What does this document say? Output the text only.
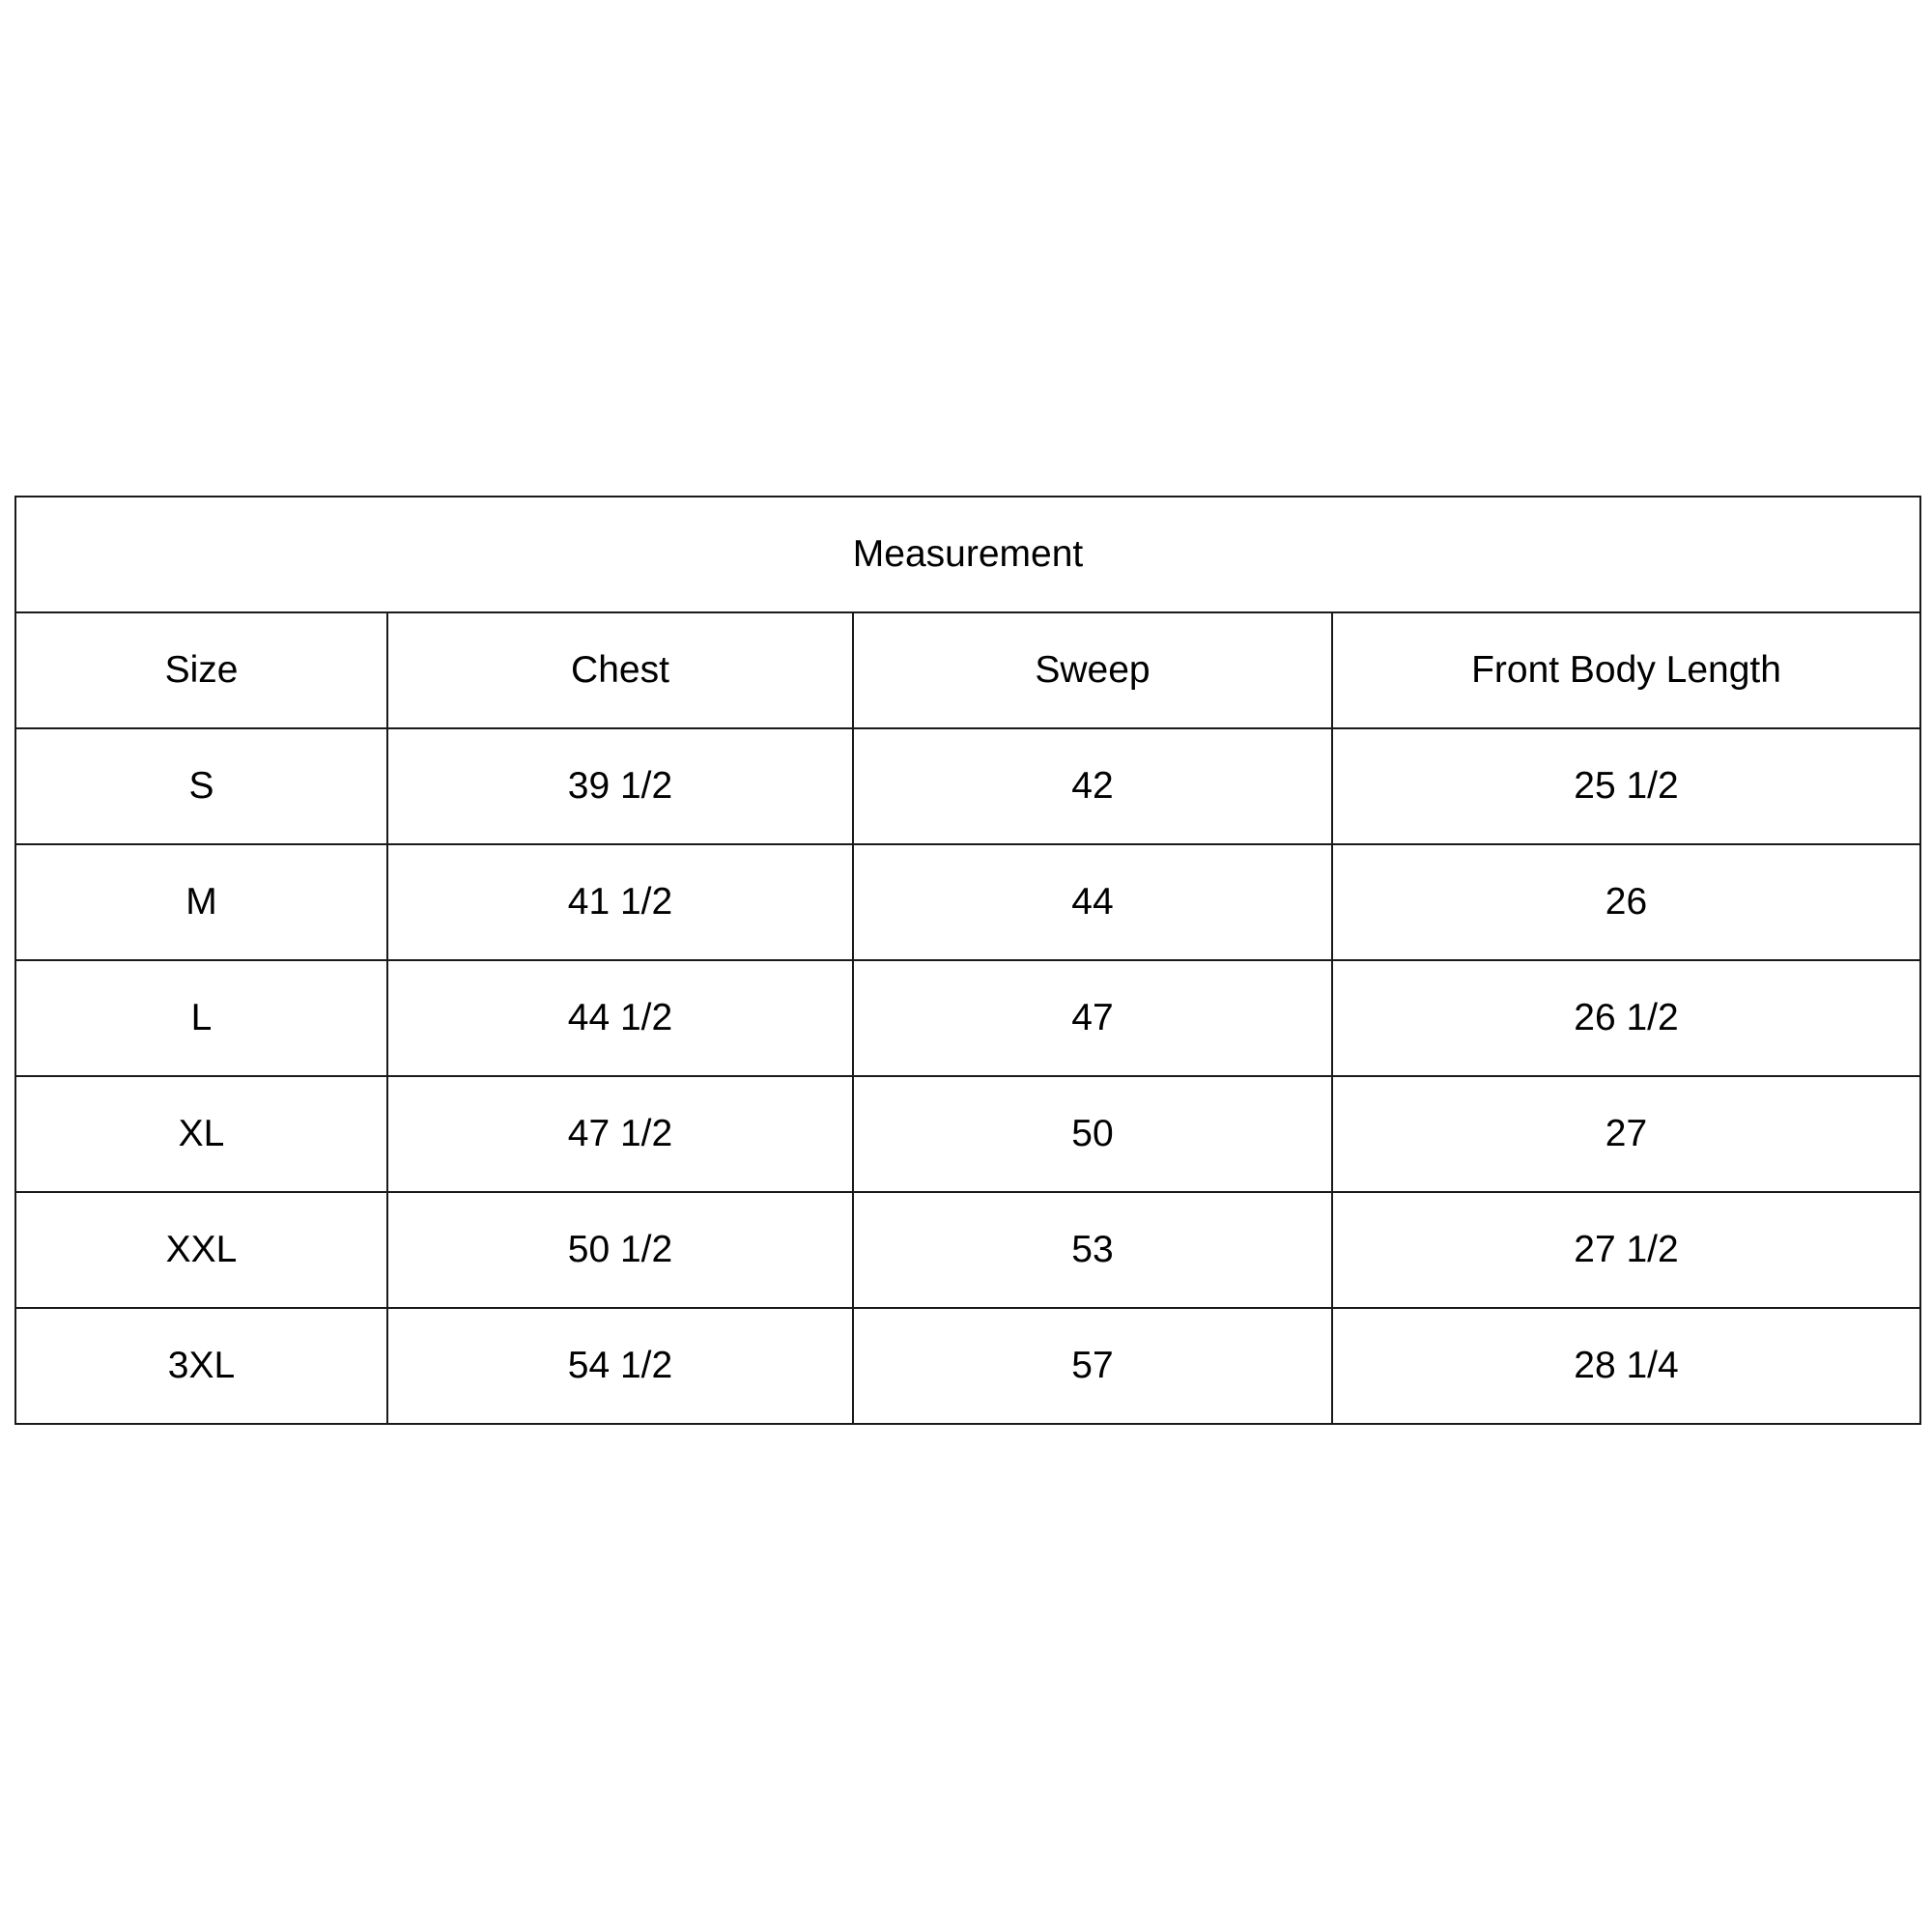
Measurement			
Size	Chest	Sweep	Front Body Length
S	39 1/2	42	25 1/2
M	41 1/2	44	26
L	44 1/2	47	26 1/2
XL	47 1/2	50	27
XXL	50 1/2	53	27 1/2
3XL	54 1/2	57	28 1/4
